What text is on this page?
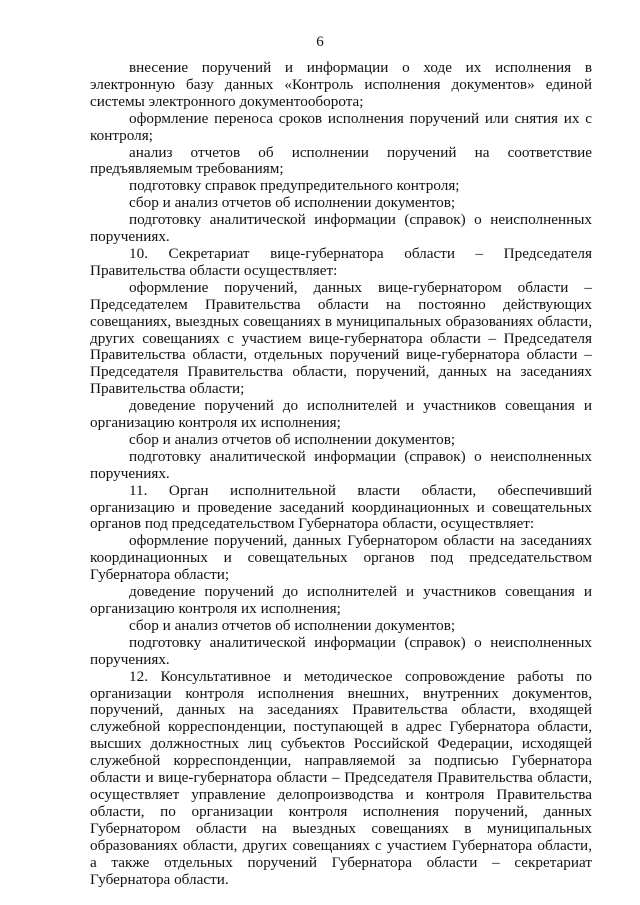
6

внесение поручений и информации о ходе их исполнения в электронную базу данных «Контроль исполнения документов» единой системы электронного документооборота;

оформление переноса сроков исполнения поручений или снятия их с контроля;

анализ отчетов об исполнении поручений на соответствие предъявляемым требованиям;

подготовку справок предупредительного контроля;

сбор и анализ отчетов об исполнении документов;

подготовку аналитической информации (справок) о неисполненных поручениях.

10. Секретариат вице-губернатора области – Председателя Правительства области осуществляет:

оформление поручений, данных вице-губернатором области – Председателем Правительства области на постоянно действующих совещаниях, выездных совещаниях в муниципальных образованиях области, других совещаниях с участием вице-губернатора области – Председателя Правительства области, отдельных поручений вице-губернатора области – Председателя Правительства области, поручений, данных на заседаниях Правительства области;

доведение поручений до исполнителей и участников совещания и организацию контроля их исполнения;

сбор и анализ отчетов об исполнении документов;

подготовку аналитической информации (справок) о неисполненных поручениях.

11. Орган исполнительной власти области, обеспечивший организацию и проведение заседаний координационных и совещательных органов под председательством Губернатора области, осуществляет:

оформление поручений, данных Губернатором области на заседаниях координационных и совещательных органов под председательством Губернатора области;

доведение поручений до исполнителей и участников совещания и организацию контроля их исполнения;

сбор и анализ отчетов об исполнении документов;

подготовку аналитической информации (справок) о неисполненных поручениях.

12. Консультативное и методическое сопровождение работы по организации контроля исполнения внешних, внутренних документов, поручений, данных на заседаниях Правительства области, входящей служебной корреспонденции, поступающей в адрес Губернатора области, высших должностных лиц субъектов Российской Федерации, исходящей служебной корреспонденции, направляемой за подписью Губернатора области и вице-губернатора области – Председателя Правительства области, осуществляет управление делопроизводства и контроля Правительства области, по организации контроля исполнения поручений, данных Губернатором области на выездных совещаниях в муниципальных образованиях области, других совещаниях с участием Губернатора области, а также отдельных поручений Губернатора области – секретариат Губернатора области.
